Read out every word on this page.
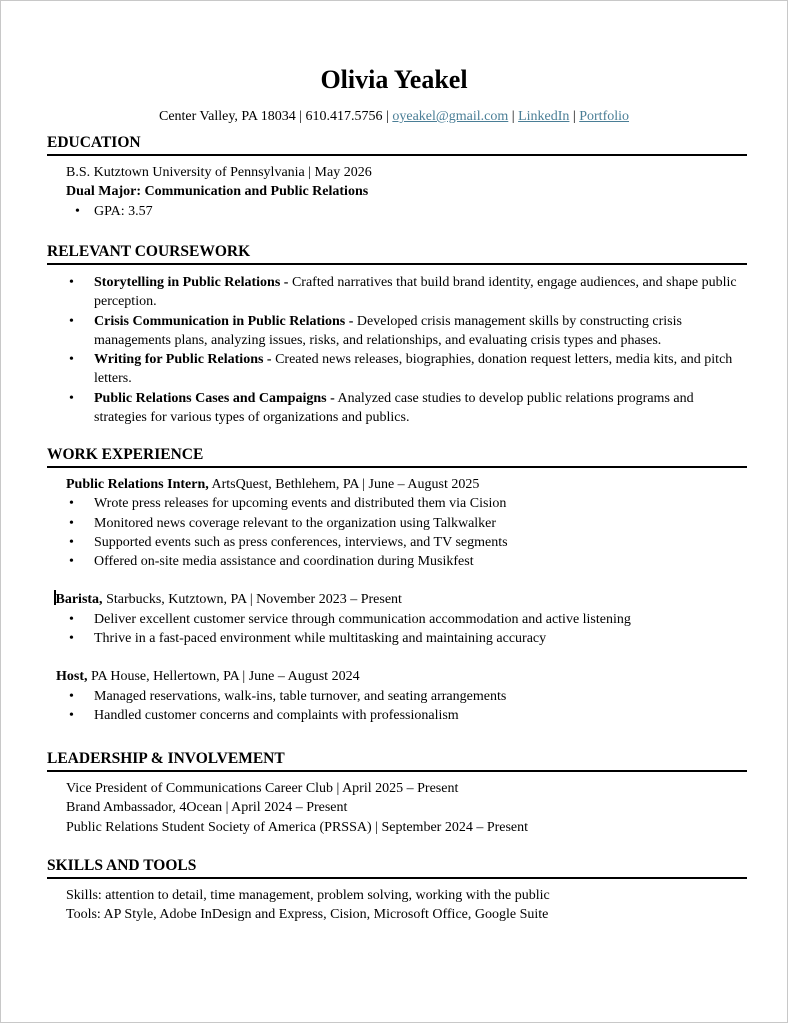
Olivia Yeakel
Center Valley, PA 18034 | 610.417.5756 | oyeakel@gmail.com | LinkedIn | Portfolio
EDUCATION
B.S. Kutztown University of Pennsylvania | May 2026
Dual Major: Communication and Public Relations
• GPA: 3.57
RELEVANT COURSEWORK
• Storytelling in Public Relations - Crafted narratives that build brand identity, engage audiences, and shape public perception.
• Crisis Communication in Public Relations - Developed crisis management skills by constructing crisis managements plans, analyzing issues, risks, and relationships, and evaluating crisis types and phases.
• Writing for Public Relations - Created news releases, biographies, donation request letters, media kits, and pitch letters.
• Public Relations Cases and Campaigns - Analyzed case studies to develop public relations programs and strategies for various types of organizations and publics.
WORK EXPERIENCE
Public Relations Intern, ArtsQuest, Bethlehem, PA | June – August 2025
• Wrote press releases for upcoming events and distributed them via Cision
• Monitored news coverage relevant to the organization using Talkwalker
• Supported events such as press conferences, interviews, and TV segments
• Offered on-site media assistance and coordination during Musikfest
Barista, Starbucks, Kutztown, PA | November 2023 – Present
• Deliver excellent customer service through communication accommodation and active listening
• Thrive in a fast-paced environment while multitasking and maintaining accuracy
Host, PA House, Hellertown, PA | June – August 2024
• Managed reservations, walk-ins, table turnover, and seating arrangements
• Handled customer concerns and complaints with professionalism
LEADERSHIP & INVOLVEMENT
Vice President of Communications Career Club | April 2025 – Present
Brand Ambassador, 4Ocean | April 2024 – Present
Public Relations Student Society of America (PRSSA) | September 2024 – Present
SKILLS AND TOOLS
Skills: attention to detail, time management, problem solving, working with the public
Tools: AP Style, Adobe InDesign and Express, Cision, Microsoft Office, Google Suite
